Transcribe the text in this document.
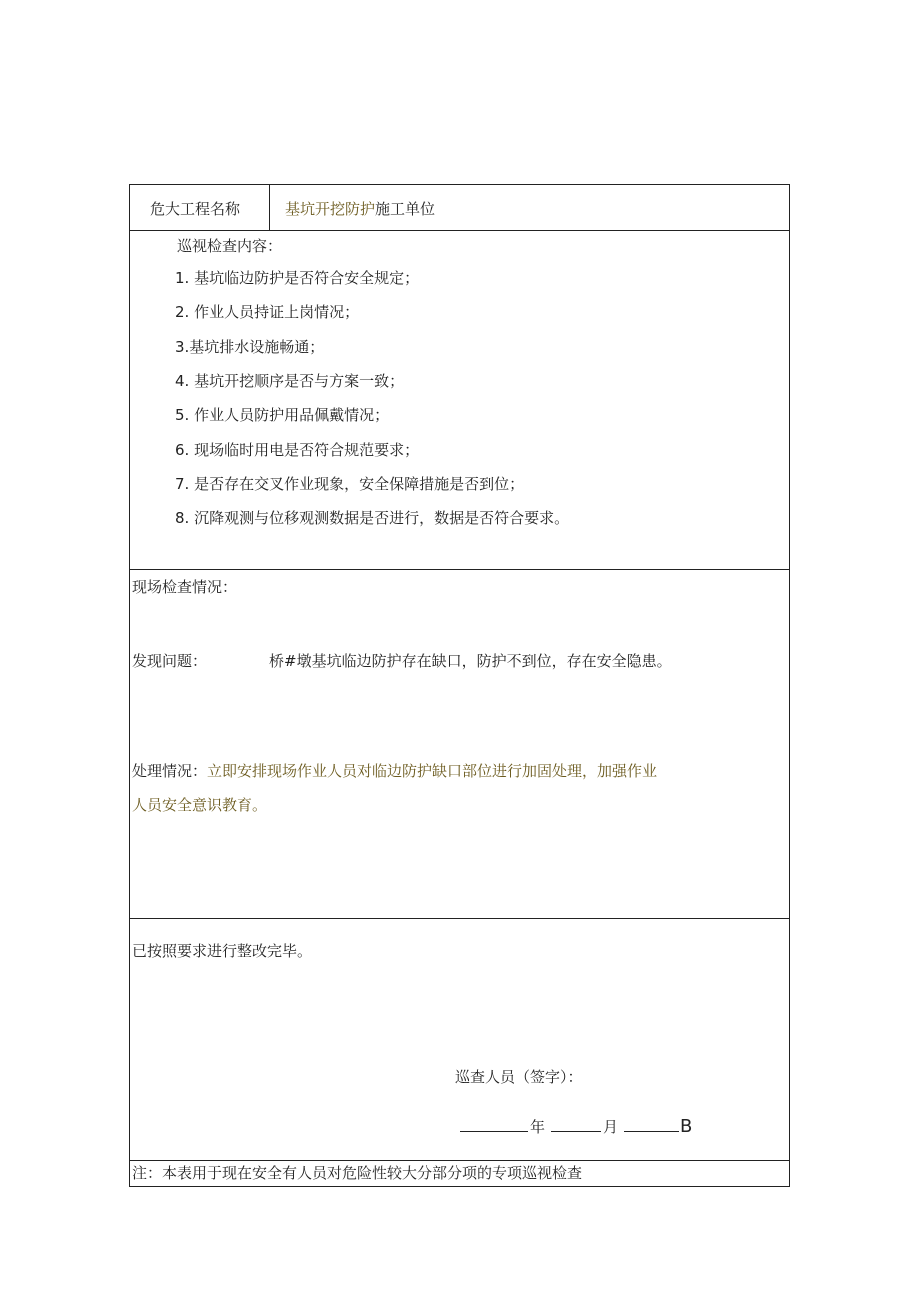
危大工程名称	基坑开挖防护施工单位
巡视检查内容：
1. 基坑临边防护是否符合安全规定；
2. 作业人员持证上岗情况；
3.基坑排水设施畅通；
4. 基坑开挖顺序是否与方案一致；
5. 作业人员防护用品佩戴情况；
6. 现场临时用电是否符合规范要求；
7. 是否存在交叉作业现象，安全保障措施是否到位；
8. 沉降观测与位移观测数据是否进行，数据是否符合要求。
现场检查情况：
发现问题：	桥#墩基坑临边防护存在缺口，防护不到位，存在安全隐患。
处理情况：立即安排现场作业人员对临边防护缺口部位进行加固处理，加强作业
人员安全意识教育。
已按照要求进行整改完毕。
巡查人员（签字）：
年	月	B
注：本表用于现在安全有人员对危险性较大分部分项的专项巡视检查
